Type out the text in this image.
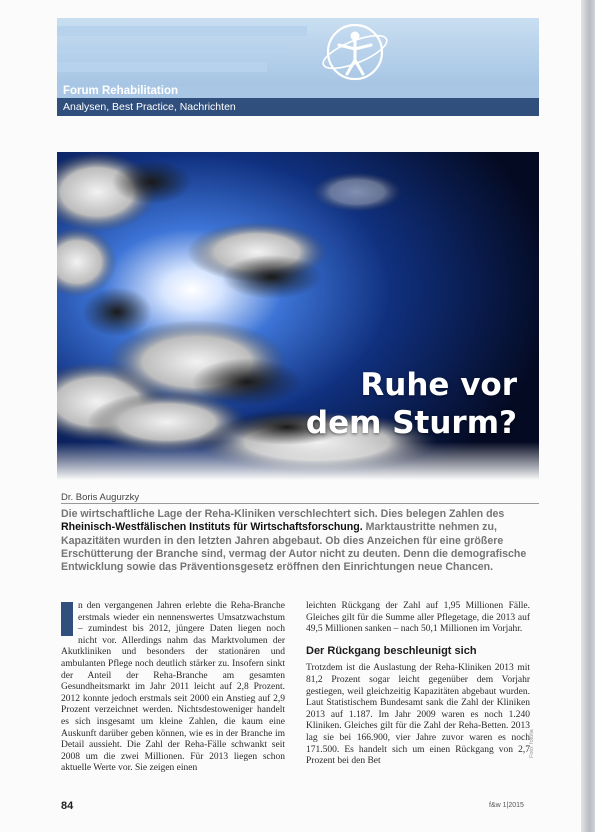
Forum Rehabilitation
Analysen, Best Practice, Nachrichten
Ruhe vor
dem Sturm?
Dr. Boris Augurzky
Die wirtschaftliche Lage der Reha-Kliniken verschlechtert sich. Dies belegen Zahlen des Rheinisch-Westfälischen Instituts für Wirtschaftsforschung. Marktaustritte nehmen zu, Kapazitäten wurden in den letzten Jahren abgebaut. Ob dies Anzeichen für eine größere Erschütterung der Branche sind, vermag der Autor nicht zu deuten. Denn die demografische Entwicklung sowie das Präventionsgesetz eröffnen den Einrichtungen neue Chancen.
n den vergangenen Jahren erlebte die Reha-Branche erstmals wieder ein nennenswertes Umsatzwachstum – zumindest bis 2012, jüngere Daten liegen noch nicht vor. Allerdings nahm das Marktvolumen der Akutkliniken und besonders der stationären und ambulanten Pflege noch deutlich stärker zu. Insofern sinkt der Anteil der Reha-Branche am gesamten Gesundheitsmarkt im Jahr 2011 leicht auf 2,8 Prozent. 2012 konnte jedoch erstmals seit 2000 ein Anstieg auf 2,9 Prozent verzeichnet werden. Nichtsdestoweniger handelt es sich insgesamt um kleine Zahlen, die kaum eine Auskunft darüber geben können, wie es in der Branche im Detail aussieht. Die Zahl der Reha-Fälle schwankt seit 2008 um die zwei Millionen. Für 2013 liegen schon aktuelle Werte vor. Sie zeigen einen

leichten Rückgang der Zahl auf 1,95 Millionen Fälle. Gleiches gilt für die Summe aller Pflegetage, die 2013 auf 49,5 Millionen sanken – nach 50,1 Millionen im Vorjahr.

Der Rückgang beschleunigt sich

Trotzdem ist die Auslastung der Reha-Kliniken 2013 mit 81,2 Prozent sogar leicht gegenüber dem Vorjahr gestiegen, weil gleichzeitig Kapazitäten abgebaut wurden. Laut Statistischem Bundesamt sank die Zahl der Kliniken 2013 auf 1.187. Im Jahr 2009 waren es noch 1.240 Kliniken. Gleiches gilt für die Zahl der Reha-Betten. 2013 lag sie bei 166.900, vier Jahre zuvor waren es noch 171.500. Es handelt sich um einen Rückgang von 2,7 Prozent bei den Bet

Foto: fotolia
84	f&w 1|2015
